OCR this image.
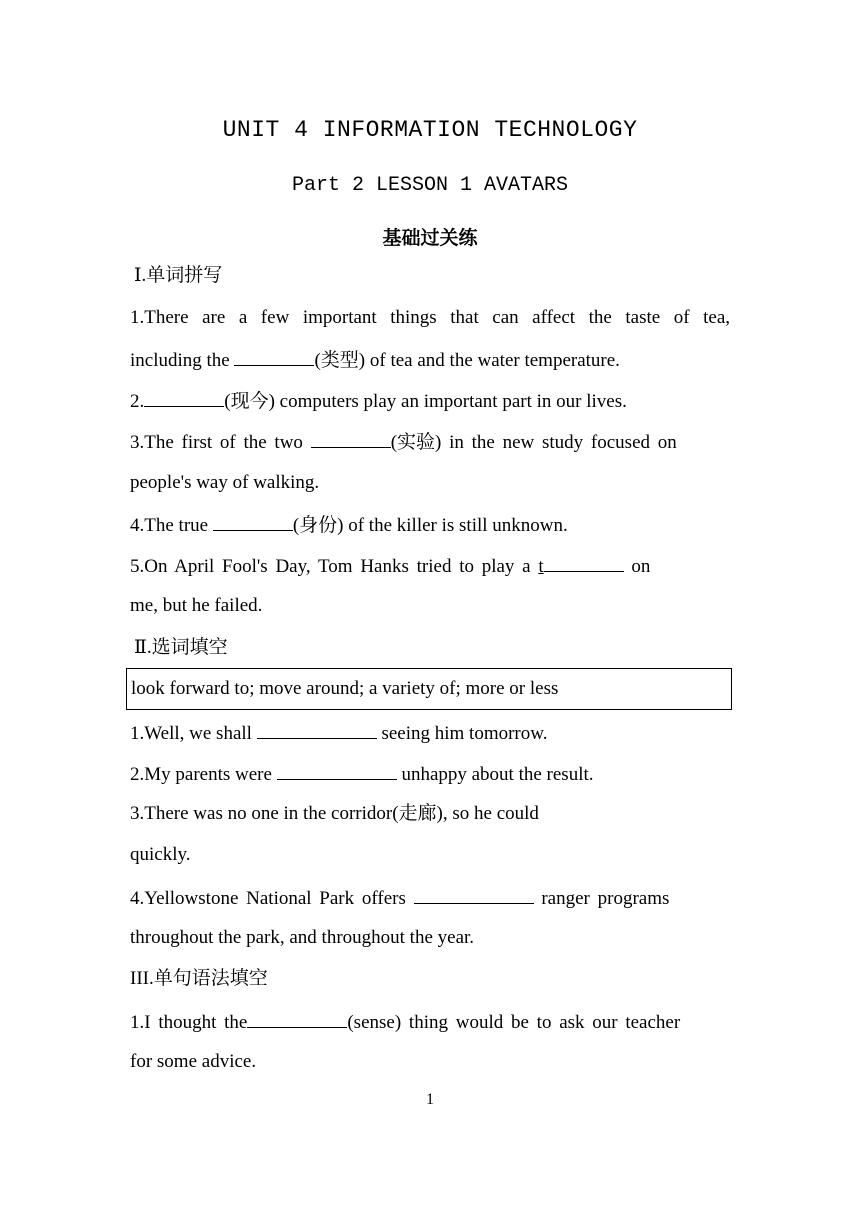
UNIT 4 INFORMATION TECHNOLOGY
Part 2 LESSON 1 AVATARS
基础过关练
Ⅰ.单词拼写
1.There are a few important things that can affect the taste of tea,
including the	(类型) of tea and the water temperature.
2.	(现今) computers play an important part in our lives.
3.The first of the two	(实验) in the new study focused on
people's way of walking.
4.The true	(身份) of the killer is still unknown.
5.On April Fool's Day, Tom Hanks tried to play a t	on
me, but he failed.
Ⅱ.选词填空
look forward to; move around; a variety of; more or less
1.Well, we shall	seeing him tomorrow.
2.My parents were	unhappy about the result.
3.There was no one in the corridor(走廊), so he could
quickly.
4.Yellowstone National Park offers	ranger programs
throughout the park, and throughout the year.
III.单句语法填空
1.I thought the	(sense) thing would be to ask our teacher
for some advice.
1
